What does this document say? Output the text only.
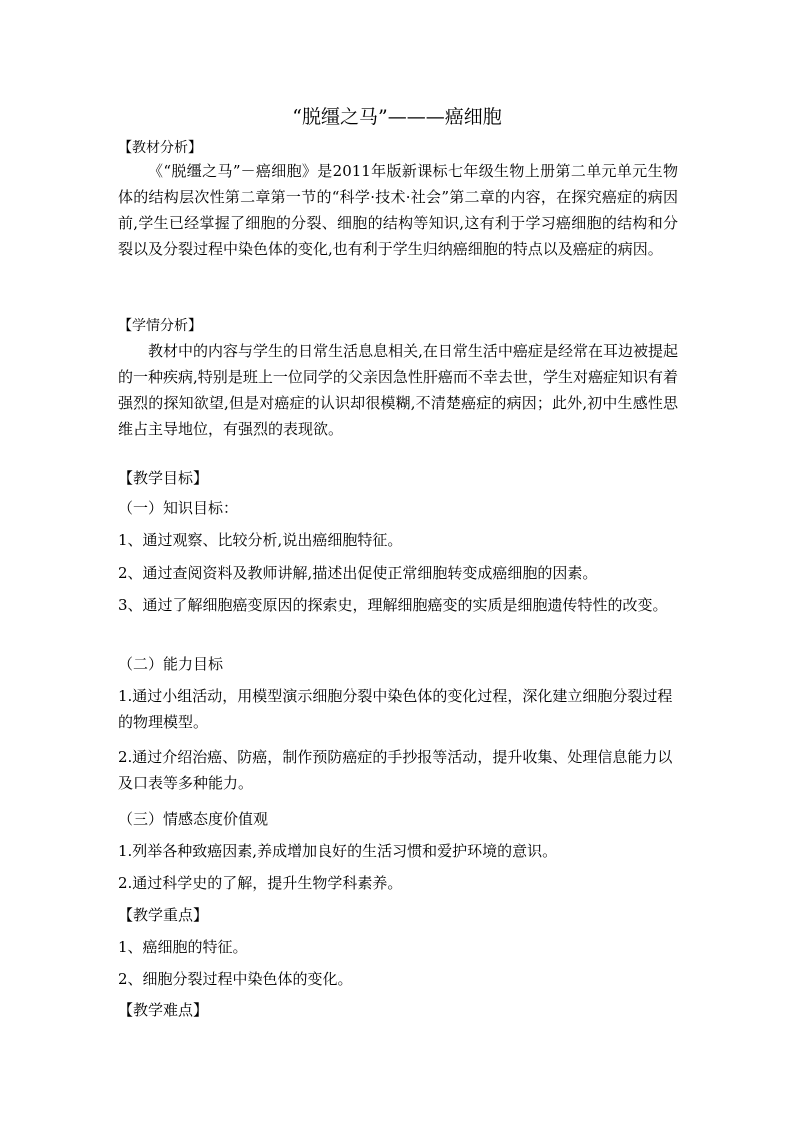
“脱缰之马”———癌细胞
【教材分析】
《“脱缰之马”－癌细胞》是2011年版新课标七年级生物上册第二单元单元生物体的结构层次性第二章第一节的“科学·技术·社会”第二章的内容，在探究癌症的病因前,学生已经掌握了细胞的分裂、细胞的结构等知识,这有利于学习癌细胞的结构和分裂以及分裂过程中染色体的变化,也有利于学生归纳癌细胞的特点以及癌症的病因。
【学情分析】
教材中的内容与学生的日常生活息息相关,在日常生活中癌症是经常在耳边被提起的一种疾病,特别是班上一位同学的父亲因急性肝癌而不幸去世，学生对癌症知识有着强烈的探知欲望,但是对癌症的认识却很模糊,不清楚癌症的病因；此外,初中生感性思维占主导地位，有强烈的表现欲。
【教学目标】
（一）知识目标：
1、通过观察、比较分析,说出癌细胞特征。
2、通过查阅资料及教师讲解,描述出促使正常细胞转变成癌细胞的因素。
3、通过了解细胞癌变原因的探索史，理解细胞癌变的实质是细胞遗传特性的改变。
（二）能力目标
1.通过小组活动，用模型演示细胞分裂中染色体的变化过程，深化建立细胞分裂过程的物理模型。
2.通过介绍治癌、防癌，制作预防癌症的手抄报等活动，提升收集、处理信息能力以及口表等多种能力。
（三）情感态度价值观
1.列举各种致癌因素,养成增加良好的生活习惯和爱护环境的意识。
2.通过科学史的了解，提升生物学科素养。
【教学重点】
1、癌细胞的特征。
2、细胞分裂过程中染色体的变化。
【教学难点】
